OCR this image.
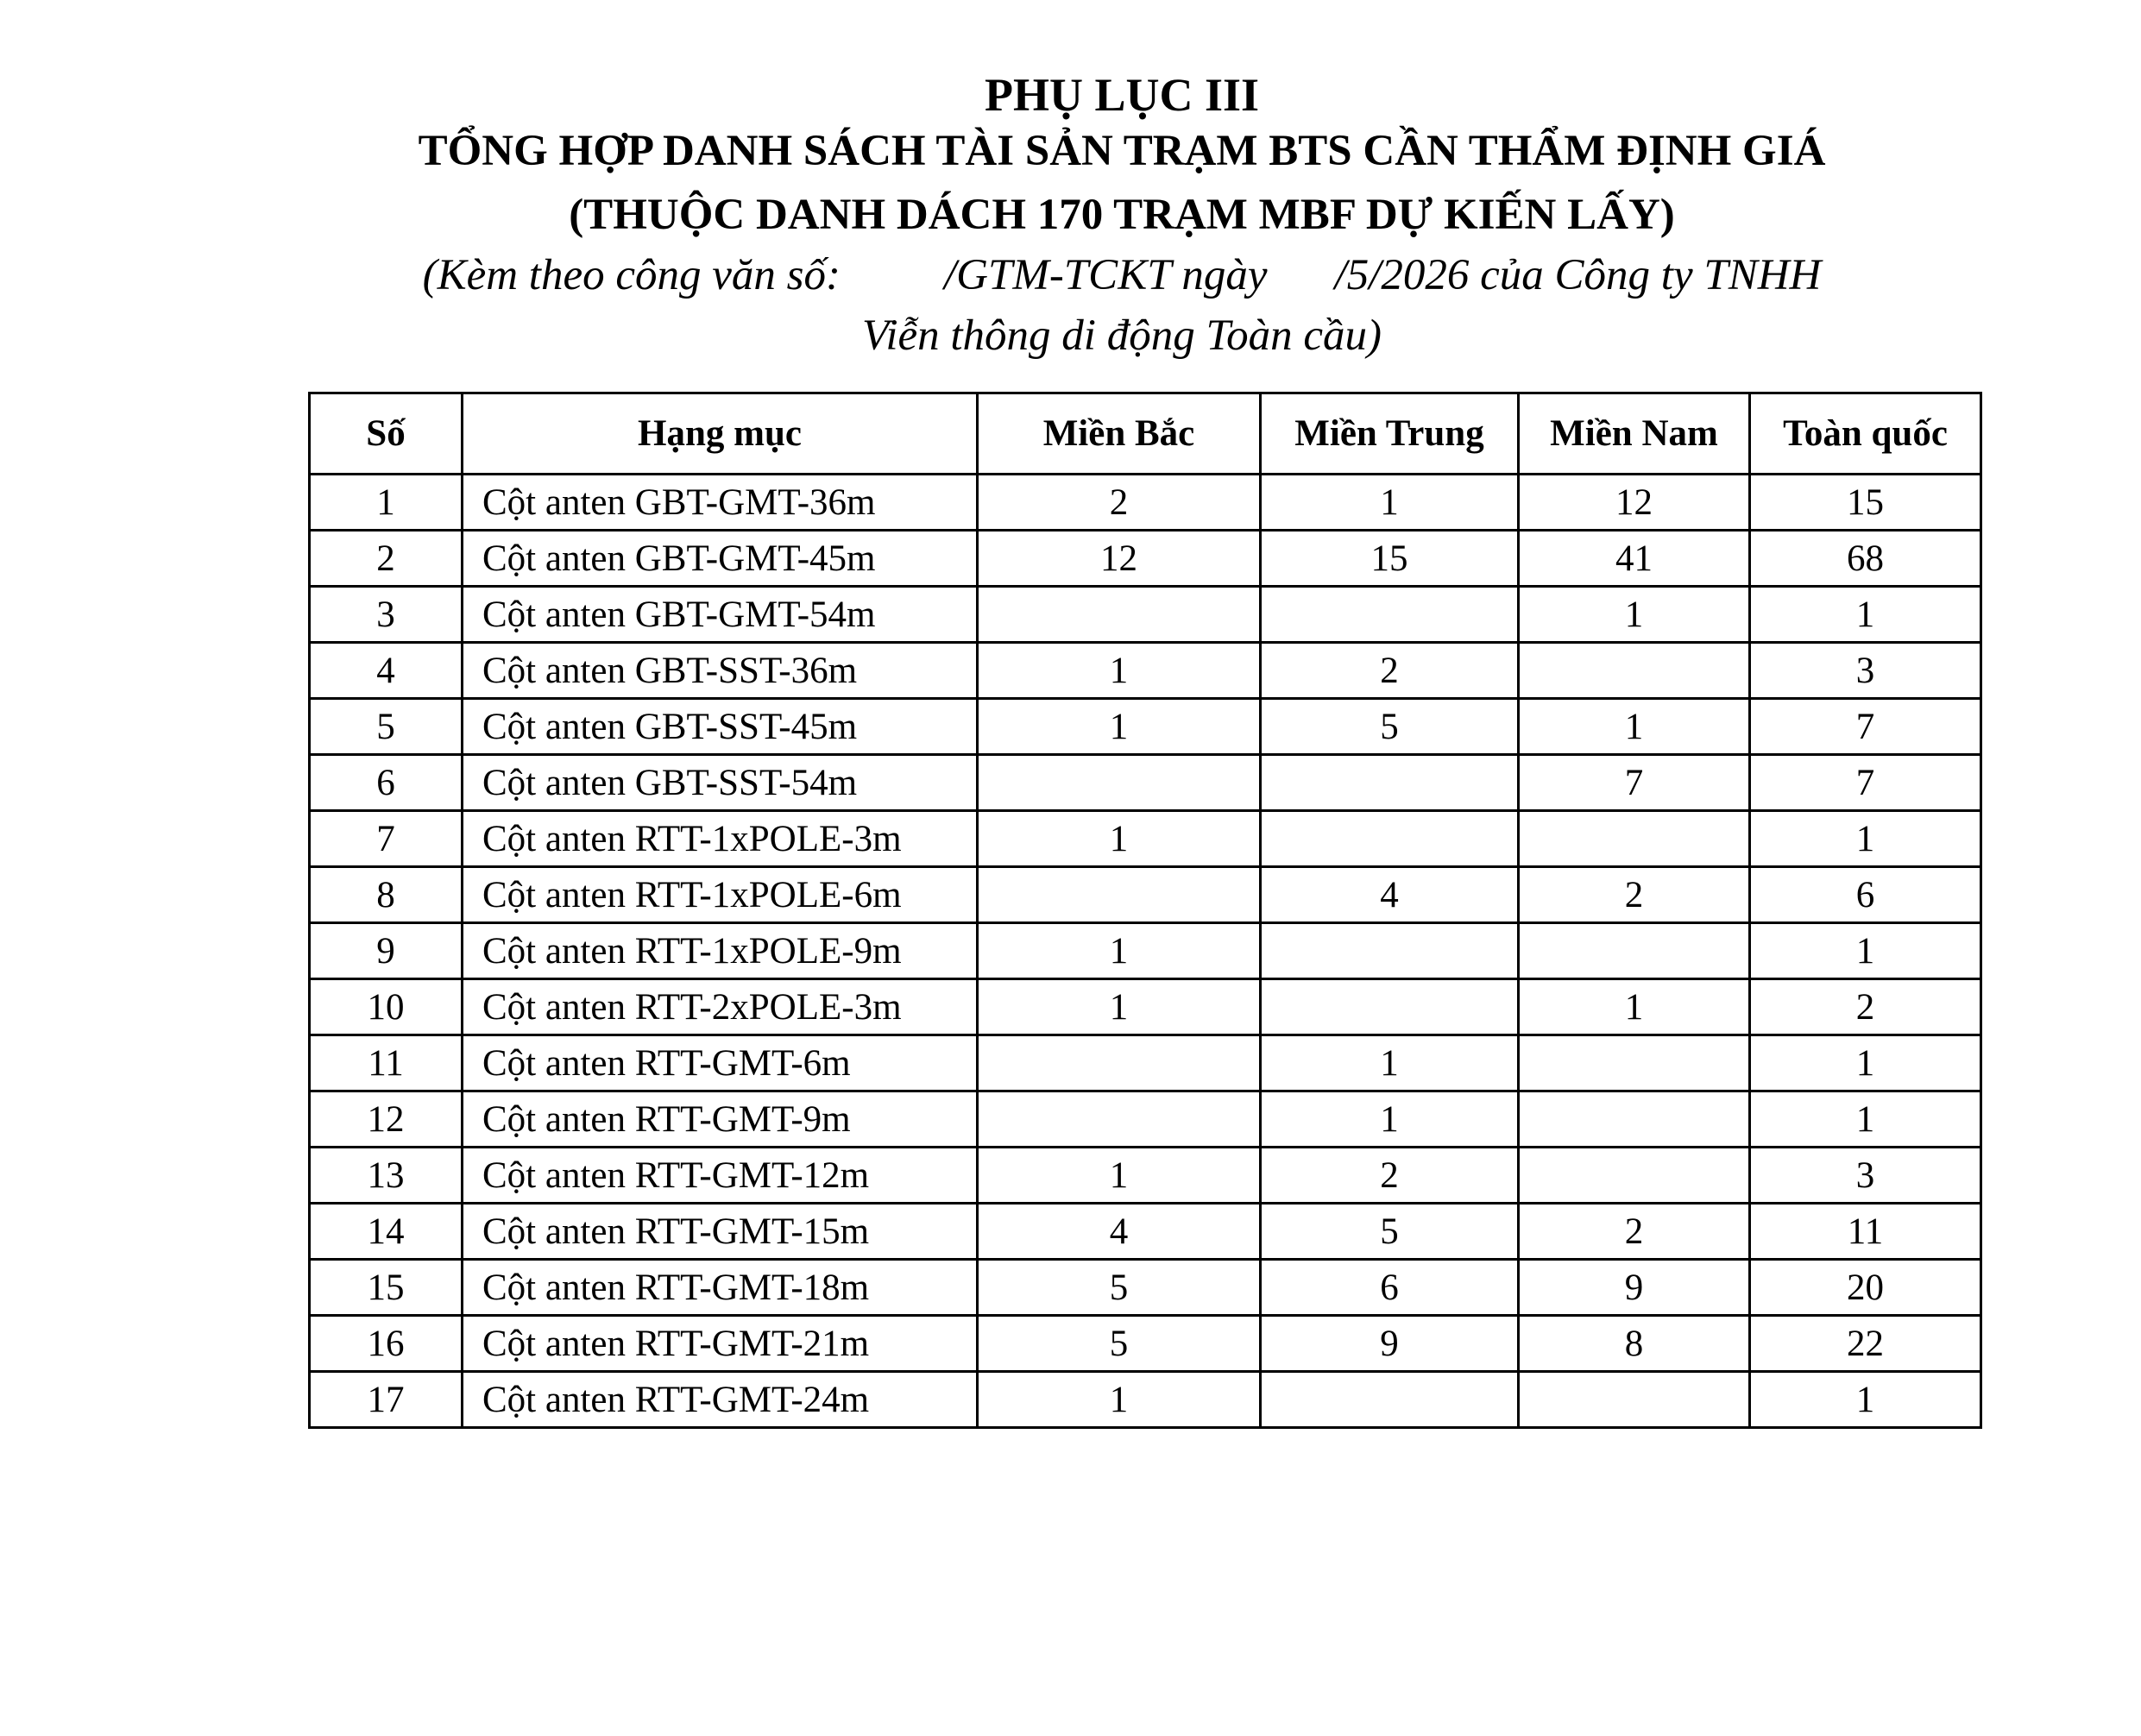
PHỤ LỤC III
TỔNG HỢP DANH SÁCH TÀI SẢN TRẠM BTS CẦN THẨM ĐỊNH GIÁ
(THUỘC DANH DÁCH 170 TRẠM MBF DỰ KIẾN LẤY)
(Kèm theo công văn số: /GTM-TCKT ngày /5/2026 của Công ty TNHH
Viễn thông di động Toàn cầu)
Số	Hạng mục	Miền Bắc	Miền Trung	Miền Nam	Toàn quốc
1	Cột anten GBT-GMT-36m	2	1	12	15
2	Cột anten GBT-GMT-45m	12	15	41	68
3	Cột anten GBT-GMT-54m			1	1
4	Cột anten GBT-SST-36m	1	2		3
5	Cột anten GBT-SST-45m	1	5	1	7
6	Cột anten GBT-SST-54m			7	7
7	Cột anten RTT-1xPOLE-3m	1			1
8	Cột anten RTT-1xPOLE-6m		4	2	6
9	Cột anten RTT-1xPOLE-9m	1			1
10	Cột anten RTT-2xPOLE-3m	1		1	2
11	Cột anten RTT-GMT-6m		1		1
12	Cột anten RTT-GMT-9m		1		1
13	Cột anten RTT-GMT-12m	1	2		3
14	Cột anten RTT-GMT-15m	4	5	2	11
15	Cột anten RTT-GMT-18m	5	6	9	20
16	Cột anten RTT-GMT-21m	5	9	8	22
17	Cột anten RTT-GMT-24m	1			1
